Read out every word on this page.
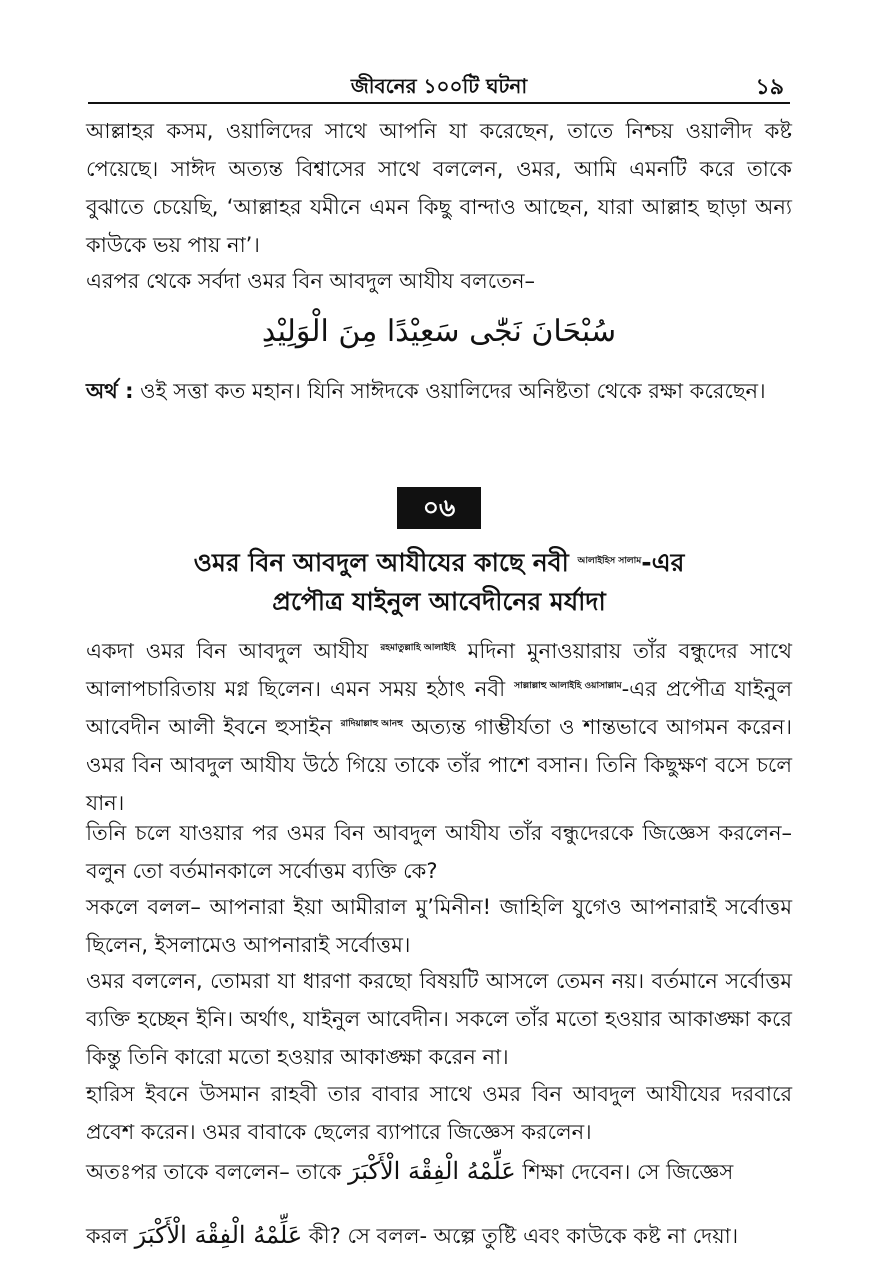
জীবনের ১০০টি ঘটনা	১৯

আল্লাহর কসম, ওয়ালিদের সাথে আপনি যা করেছেন, তাতে নিশ্চয় ওয়ালীদ কষ্ট পেয়েছে। সাঈদ অত্যন্ত বিশ্বাসের সাথে বললেন, ওমর, আমি এমনটি করে তাকে বুঝাতে চেয়েছি, ‘আল্লাহর যমীনে এমন কিছু বান্দাও আছেন, যারা আল্লাহ ছাড়া অন্য কাউকে ভয় পায় না’।

এরপর থেকে সর্বদা ওমর বিন আবদুল আযীয বলতেন–

سُبْحَانَ نَجّٰى سَعِيْدًا مِنَ الْوَلِيْدِ

অর্থ : ওই সত্তা কত মহান। যিনি সাঈদকে ওয়ালিদের অনিষ্টতা থেকে রক্ষা করেছেন।

০৬

ওমর বিন আবদুল আযীযের কাছে নবী আলাইহিস সালাম-এর

প্রপৌত্র যাইনুল আবেদীনের মর্যাদা

একদা ওমর বিন আবদুল আযীয রহমাতুল্লাহি আলাইহি মদিনা মুনাওয়ারায় তাঁর বন্ধুদের সাথে আলাপচারিতায় মগ্ন ছিলেন। এমন সময় হঠাৎ নবী সাল্লাল্লাহু আলাইহি ওয়াসাল্লাম-এর প্রপৌত্র যাইনুল আবেদীন আলী ইবনে হুসাইন রাদিয়াল্লাহু আনহু অত্যন্ত গাম্ভীর্যতা ও শান্তভাবে আগমন করেন। ওমর বিন আবদুল আযীয উঠে গিয়ে তাকে তাঁর পাশে বসান। তিনি কিছুক্ষণ বসে চলে যান।

তিনি চলে যাওয়ার পর ওমর বিন আবদুল আযীয তাঁর বন্ধুদেরকে জিজ্ঞেস করলেন– বলুন তো বর্তমানকালে সর্বোত্তম ব্যক্তি কে?

সকলে বলল– আপনারা ইয়া আমীরাল মু’মিনীন! জাহিলি যুগেও আপনারাই সর্বোত্তম ছিলেন, ইসলামেও আপনারাই সর্বোত্তম।

ওমর বললেন, তোমরা যা ধারণা করছো বিষয়টি আসলে তেমন নয়। বর্তমানে সর্বোত্তম ব্যক্তি হচ্ছেন ইনি। অর্থাৎ, যাইনুল আবেদীন। সকলে তাঁর মতো হওয়ার আকাঙ্ক্ষা করে কিন্তু তিনি কারো মতো হওয়ার আকাঙ্ক্ষা করেন না।

হারিস ইবনে উসমান রাহবী তার বাবার সাথে ওমর বিন আবদুল আযীযের দরবারে প্রবেশ করেন। ওমর বাবাকে ছেলের ব্যাপারে জিজ্ঞেস করলেন।

অতঃপর তাকে বললেন– তাকে عَلِّمْهُ الْفِقْهَ الْأَكْبَرَ শিক্ষা দেবেন। সে জিজ্ঞেস

করল عَلِّمْهُ الْفِقْهَ الْأَكْبَرَ কী? সে বলল- অল্পে তুষ্টি এবং কাউকে কষ্ট না দেয়া।
